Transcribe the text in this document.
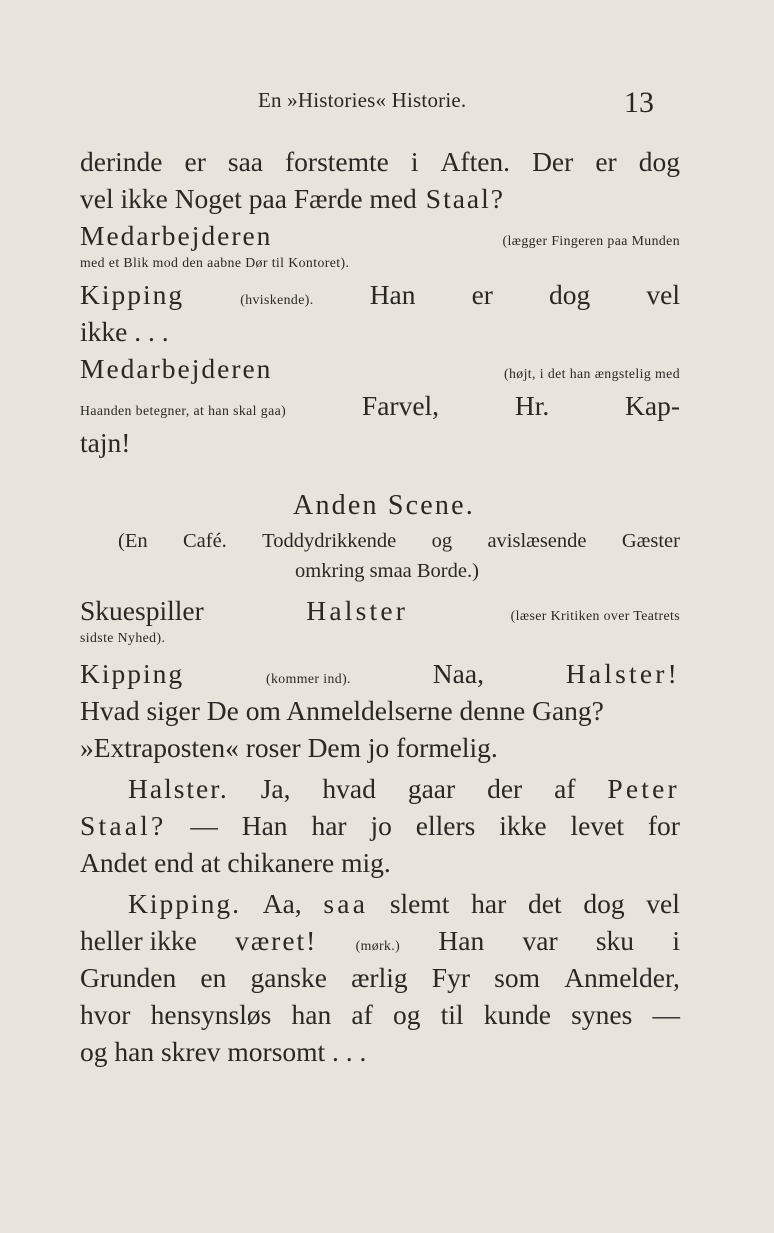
En »Histories« Historie.	13
derinde er saa forstemte i Aften. Der er dog
vel ikke Noget paa Færde med Staal?
Medarbejderen	(lægger Fingeren paa Munden
med et Blik mod den aabne Dør til Kontoret).
Kipping	(hviskende). Han er dog vel
ikke . . .
Medarbejderen	(højt, i det han ængstelig med
Haanden betegner, at han skal gaa)	Farvel,	Hr.	Kap-
tajn!
Anden Scene.
(En Café. Toddydrikkende og avislæsende Gæster
omkring smaa Borde.)
Skuespiller	Halster	(læser Kritiken over Teatrets
sidste Nyhed).
Kipping	(kommer ind).	Naa,	Halster!
Hvad siger De om Anmeldelserne denne Gang?
»Extraposten« roser Dem jo formelig.
Halster. Ja, hvad gaar der af Peter
Staal? — Han har jo ellers ikke levet for
Andet end at chikanere mig.
Kipping. Aa, saa slemt har det dog vel
heller ikke været!	(mørk.) Han var sku i
Grunden en ganske ærlig Fyr som Anmelder,
hvor hensynsløs han af og til kunde synes —
og han skrev morsomt . . .
